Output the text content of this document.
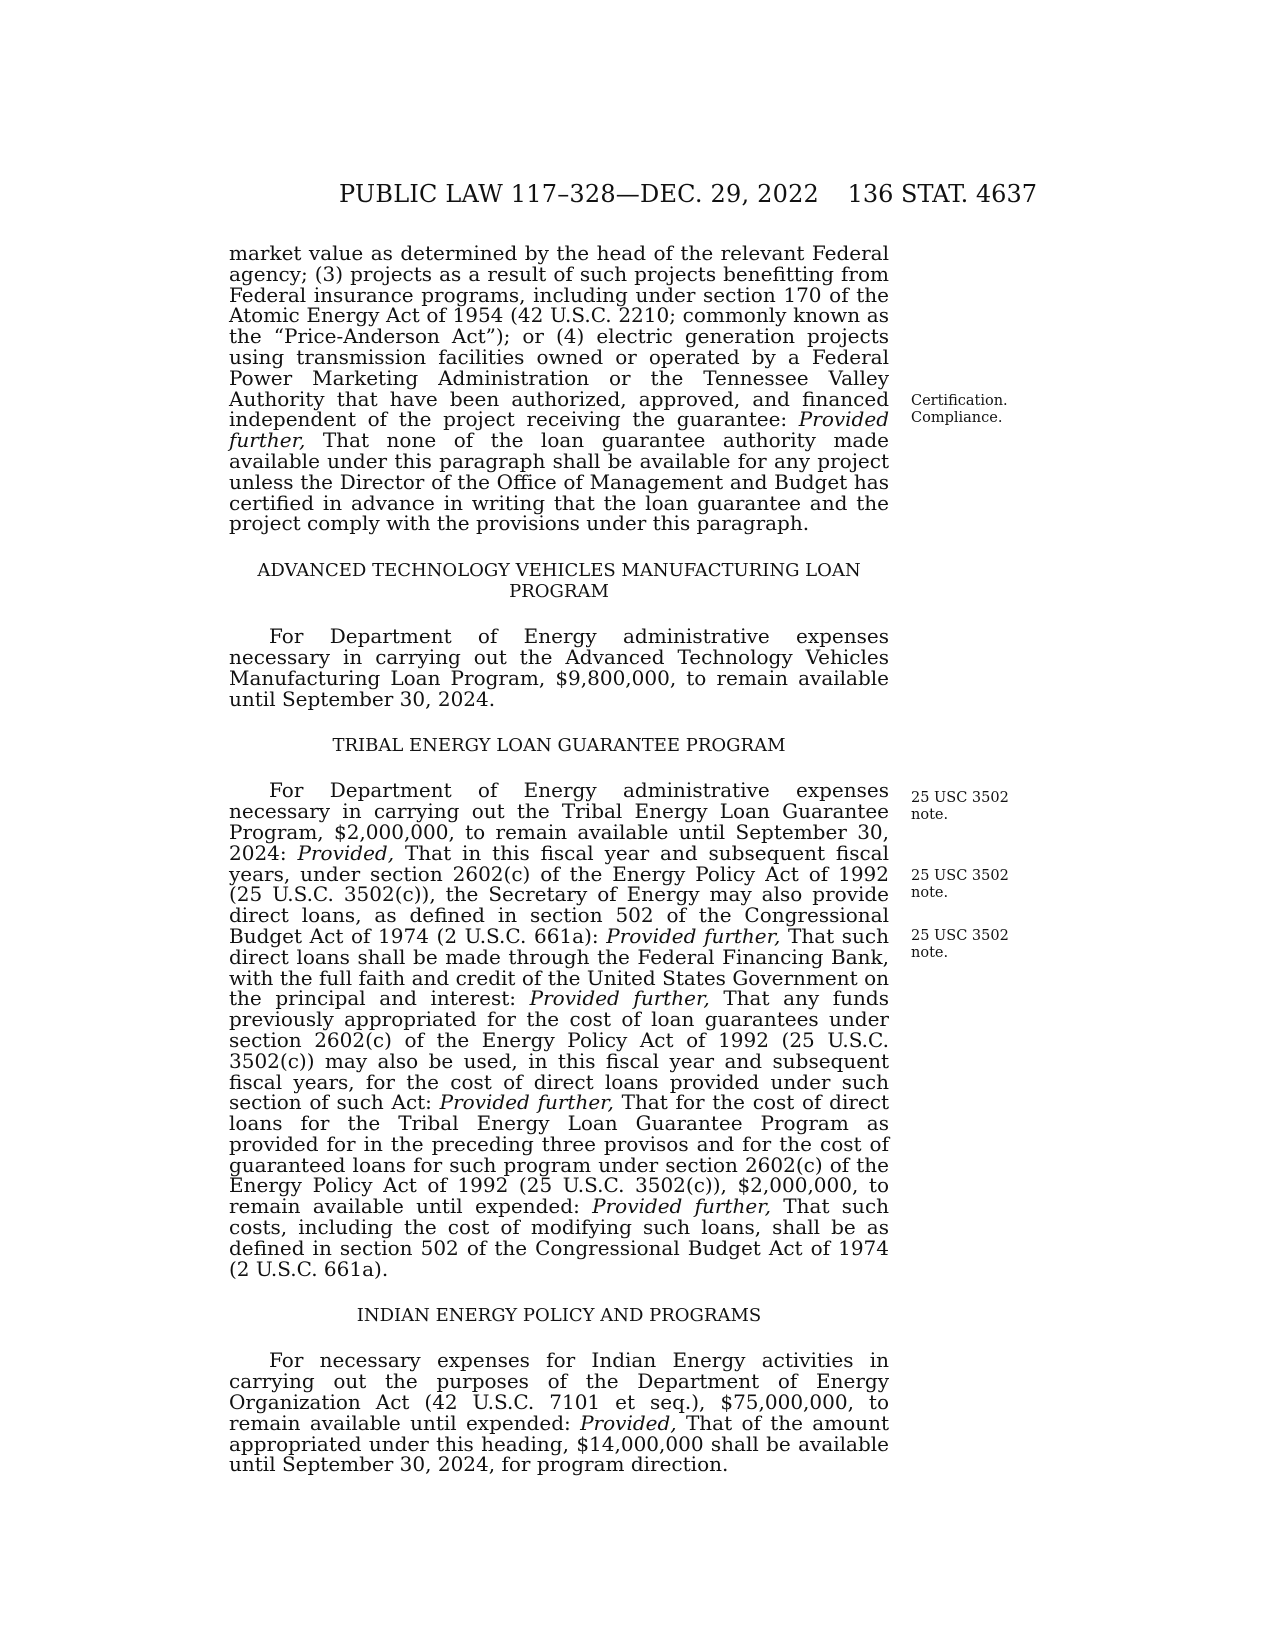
PUBLIC LAW 117–328—DEC. 29, 2022 136 STAT. 4637

market value as determined by the head of the relevant Federal agency; (3) projects as a result of such projects benefitting from Federal insurance programs, including under section 170 of the Atomic Energy Act of 1954 (42 U.S.C. 2210; commonly known as the “Price-Anderson Act”); or (4) electric generation projects using transmission facilities owned or operated by a Federal Power Marketing Administration or the Tennessee Valley Authority that have been authorized, approved, and financed independent of the project receiving the guarantee: Provided further, That none of the loan guarantee authority made available under this paragraph shall be available for any project unless the Director of the Office of Management and Budget has certified in advance in writing that the loan guarantee and the project comply with the provisions under this paragraph.

ADVANCED TECHNOLOGY VEHICLES MANUFACTURING LOAN
PROGRAM

For Department of Energy administrative expenses necessary in carrying out the Advanced Technology Vehicles Manufacturing Loan Program, $9,800,000, to remain available until September 30, 2024.

TRIBAL ENERGY LOAN GUARANTEE PROGRAM

For Department of Energy administrative expenses necessary in carrying out the Tribal Energy Loan Guarantee Program, $2,000,000, to remain available until September 30, 2024: Provided, That in this fiscal year and subsequent fiscal years, under section 2602(c) of the Energy Policy Act of 1992 (25 U.S.C. 3502(c)), the Secretary of Energy may also provide direct loans, as defined in section 502 of the Congressional Budget Act of 1974 (2 U.S.C. 661a): Provided further, That such direct loans shall be made through the Federal Financing Bank, with the full faith and credit of the United States Government on the principal and interest: Provided further, That any funds previously appropriated for the cost of loan guarantees under section 2602(c) of the Energy Policy Act of 1992 (25 U.S.C. 3502(c)) may also be used, in this fiscal year and subsequent fiscal years, for the cost of direct loans provided under such section of such Act: Provided further, That for the cost of direct loans for the Tribal Energy Loan Guarantee Program as provided for in the preceding three provisos and for the cost of guaranteed loans for such program under section 2602(c) of the Energy Policy Act of 1992 (25 U.S.C. 3502(c)), $2,000,000, to remain available until expended: Provided further, That such costs, including the cost of modifying such loans, shall be as defined in section 502 of the Congressional Budget Act of 1974 (2 U.S.C. 661a).

INDIAN ENERGY POLICY AND PROGRAMS

For necessary expenses for Indian Energy activities in carrying out the purposes of the Department of Energy Organization Act (42 U.S.C. 7101 et seq.), $75,000,000, to remain available until expended: Provided, That of the amount appropriated under this heading, $14,000,000 shall be available until September 30, 2024, for program direction.

Certification.
Compliance.
25 USC 3502
note.
25 USC 3502
note.
25 USC 3502
note.
